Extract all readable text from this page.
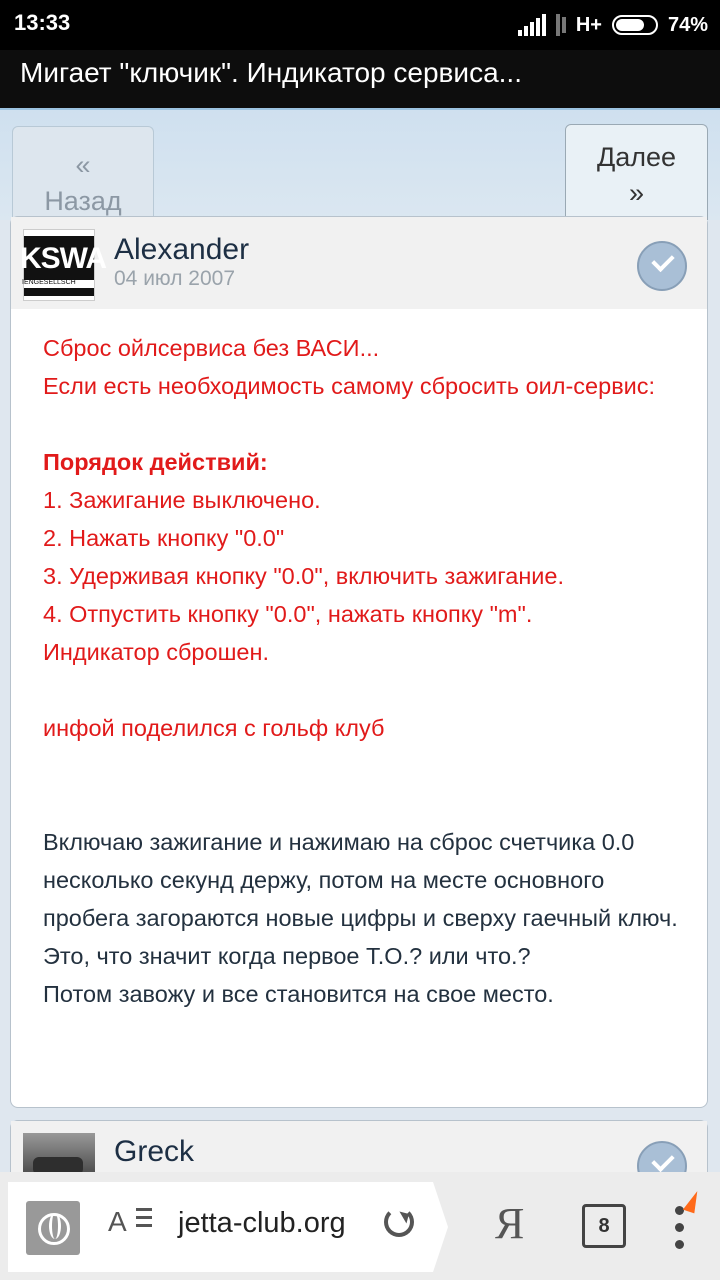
13:33	H+	74%
Мигает "ключик". Индикатор сервиса...
«
Назад
Далее
»
KSWA
IENGESELLSCH
Alexander
04 июл 2007

Сброс ойлсервиса без ВАСИ...

Если есть необходимость самому сбросить оил-сервис:

Порядок действий:

1. Зажигание выключено.

2. Нажать кнопку "0.0"

3. Удерживая кнопку "0.0", включить зажигание.

4. Отпустить кнопку "0.0", нажать кнопку "m".

Индикатор сброшен.

инфой поделился с гольф клуб

Включаю зажигание и нажимаю на сброс счетчика 0.0 несколько секунд держу, потом на месте основного пробега загораются новые цифры и сверху гаечный ключ.

Это, что значит когда первое Т.О.? или что.?

Потом завожу и все становится на свое место.

Greck
A jetta-club.org	Я	8
